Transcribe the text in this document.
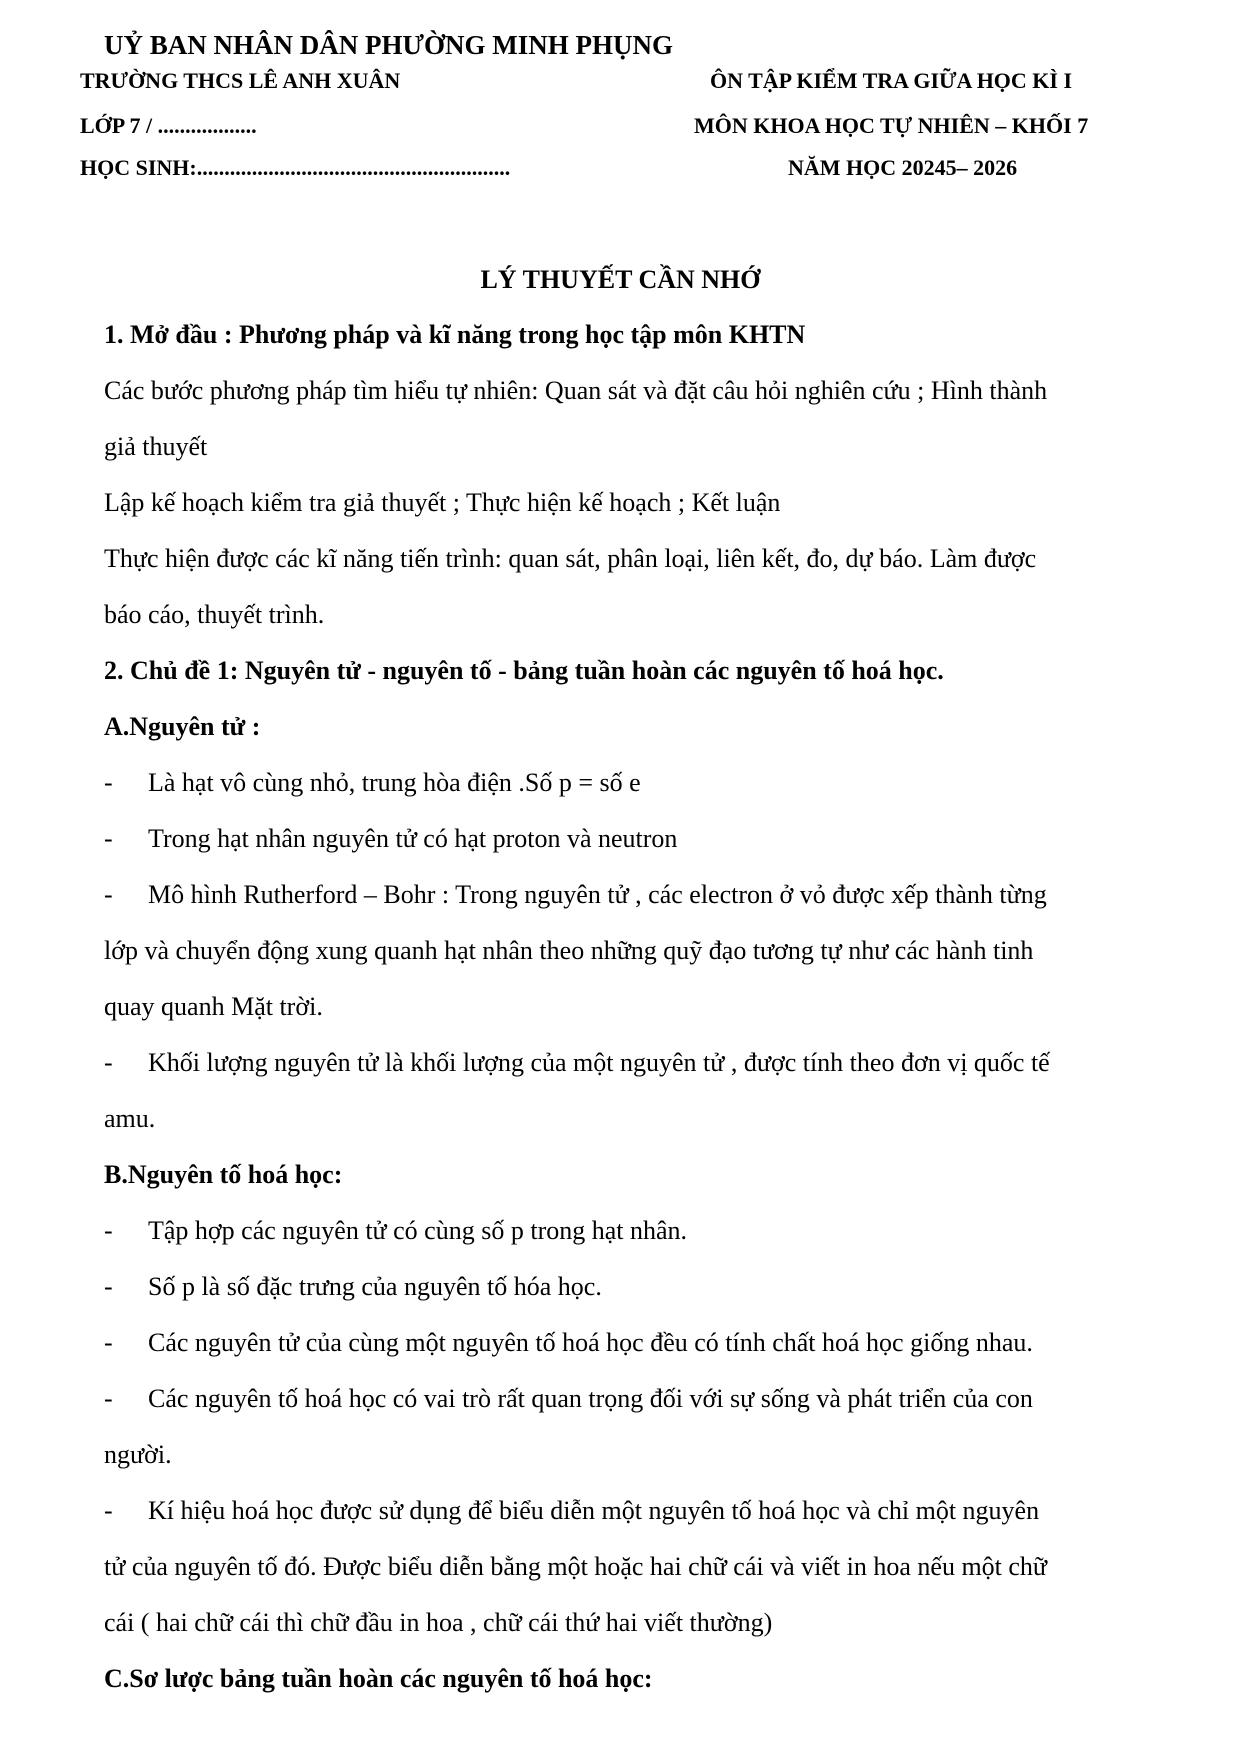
UỶ BAN NHÂN DÂN PHƯỜNG MINH PHỤNG
TRƯỜNG THCS LÊ ANH XUÂN
LỚP 7 / ..................
HỌC SINH:.........................................................
ÔN TẬP KIỂM TRA GIỮA HỌC KÌ I
MÔN KHOA HỌC TỰ NHIÊN – KHỐI 7
NĂM HỌC 20245– 2026
LÝ THUYẾT CẦN NHỚ
1. Mở đầu : Phương pháp và kĩ năng trong học tập môn KHTN
Các bước phương pháp tìm hiểu tự nhiên: Quan sát và đặt câu hỏi nghiên cứu ; Hình thành
giả thuyết
Lập kế hoạch kiểm tra giả thuyết ; Thực hiện kế hoạch ; Kết luận
Thực hiện được các kĩ năng tiến trình: quan sát, phân loại, liên kết, đo, dự báo. Làm được
báo cáo, thuyết trình.
2. Chủ đề 1: Nguyên tử - nguyên tố - bảng tuần hoàn các nguyên tố hoá học.
A.Nguyên tử :
- Là hạt vô cùng nhỏ, trung hòa điện .Số p = số e
- Trong hạt nhân nguyên tử có hạt proton và neutron
- Mô hình Rutherford – Bohr : Trong nguyên tử , các electron ở vỏ được xếp thành từng
lớp và chuyển động xung quanh hạt nhân theo những quỹ đạo tương tự như các hành tinh
quay quanh Mặt trời.
- Khối lượng nguyên tử là khối lượng của một nguyên tử , được tính theo đơn vị quốc tế
amu.
B.Nguyên tố hoá học:
- Tập hợp các nguyên tử có cùng số p trong hạt nhân.
- Số p là số đặc trưng của nguyên tố hóa học.
- Các nguyên tử của cùng một nguyên tố hoá học đều có tính chất hoá học giống nhau.
- Các nguyên tố hoá học có vai trò rất quan trọng đối với sự sống và phát triển của con
người.
- Kí hiệu hoá học được sử dụng để biểu diễn một nguyên tố hoá học và chỉ một nguyên
tử của nguyên tố đó. Được biểu diễn bằng một hoặc hai chữ cái và viết in hoa nếu một chữ
cái ( hai chữ cái thì chữ đầu in hoa , chữ cái thứ hai viết thường)
C.Sơ lược bảng tuần hoàn các nguyên tố hoá học:
